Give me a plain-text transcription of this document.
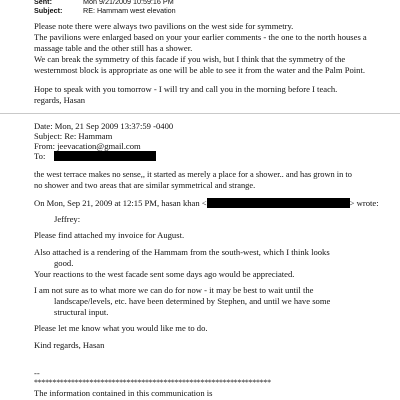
Sent:	Mon 9/21/2009 10:59:16 PM
Subject:	RE: Hammam west elevation
Please note there were always two pavilions on the west side for symmetry.
The pavilions were enlarged based on your your earlier comments - the one to the north houses a
massage table and the other still has a shower.
We can break the symmetry of this facade if you wish, but I think that the symmetry of the
westernmost block is appropriate as one will be able to see it from the water and the Palm Point.
Hope to speak with you tomorrow - I will try and call you in the morning before I teach.
regards, Hasan
Date: Mon, 21 Sep 2009 13:37:59 -0400
Subject: Re: Hammam
From: jeevacation@gmail.com
To:
the west terrace makes no sense,, it started as merely a place for a shower.. and has grown in to
no shower and two areas that are similar symmetrical and strange.
On Mon, Sep 21, 2009 at 12:15 PM, hasan khan <	> wrote:
Jeffrey:
Please find attached my invoice for August.
Also attached is a rendering of the Hammam from the south-west, which I think looks
good.
Your reactions to the west facade sent some days ago would be appreciated.
I am not sure as to what more we can do for now - it may be best to wait until the
landscape/levels, etc. have been determined by Stephen, and until we have some
structural input.
Please let me know what you would like me to do.
Kind regards, Hasan
--
****************************************************************
The information contained in this communication is
